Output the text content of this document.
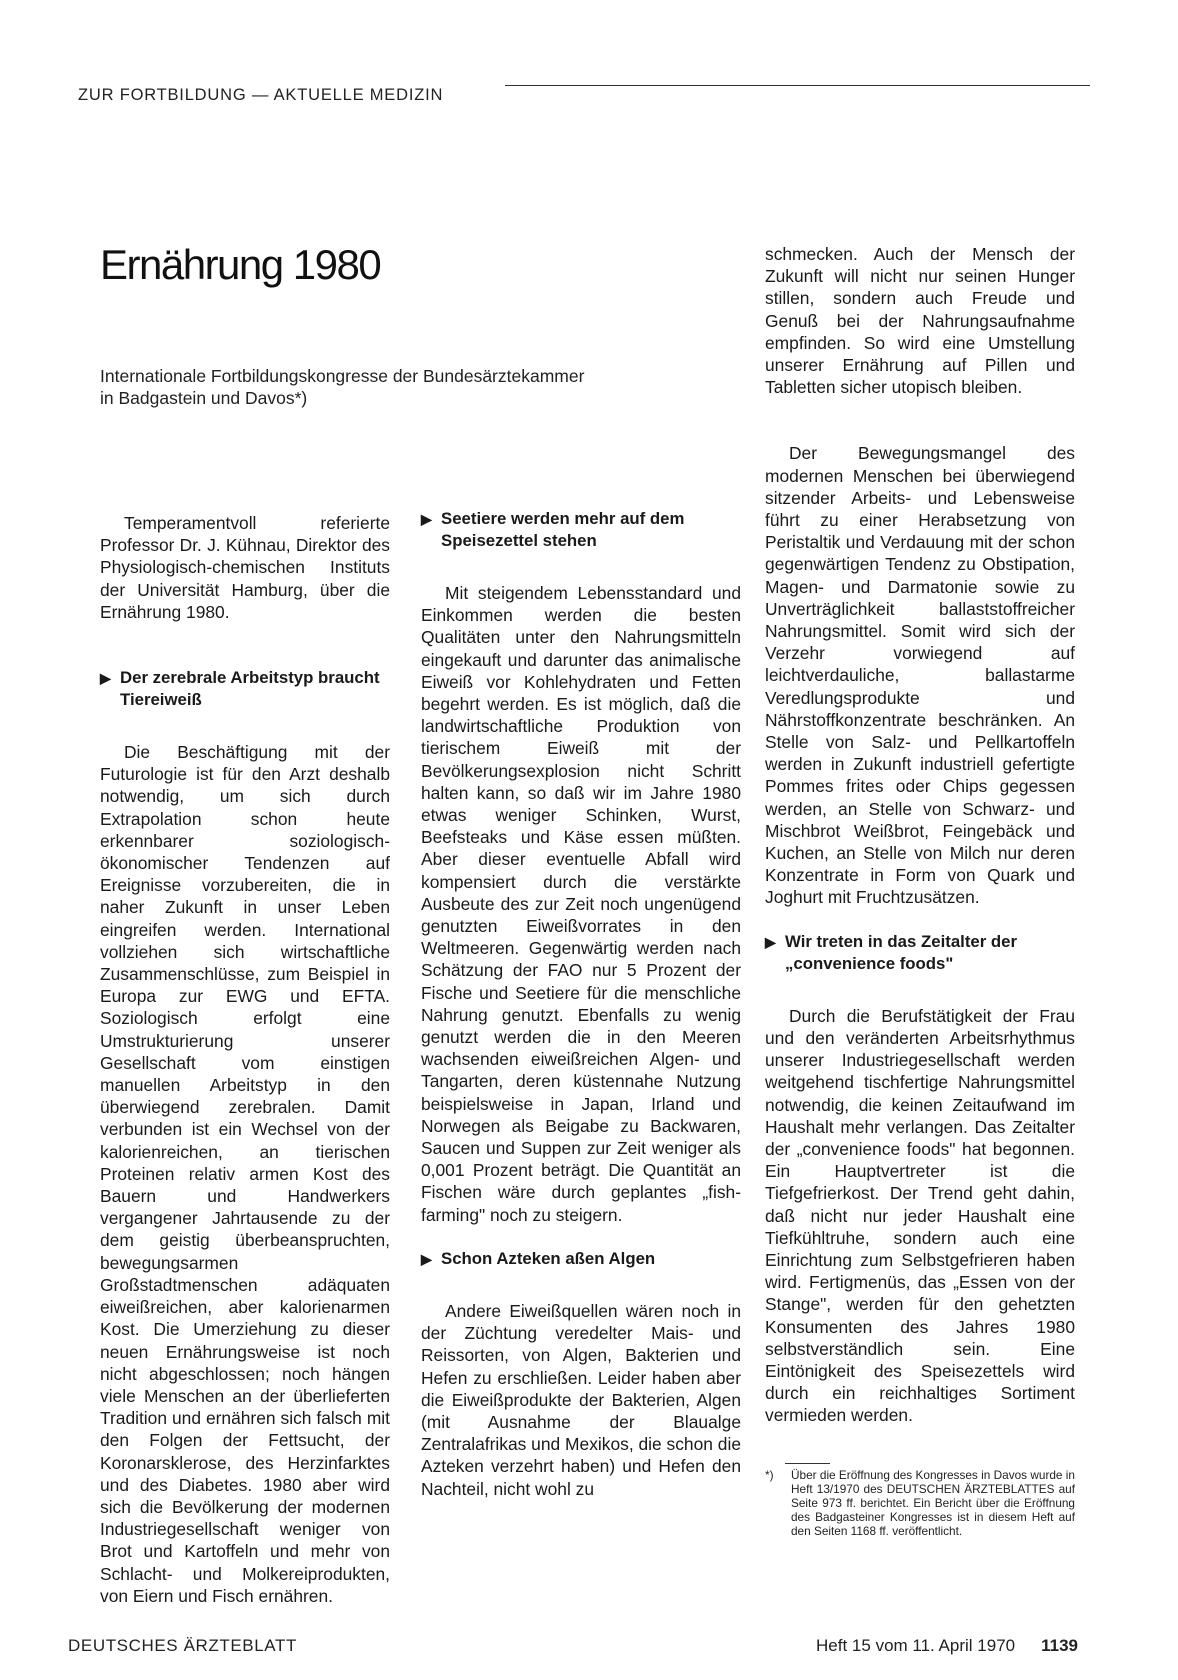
ZUR FORTBILDUNG — AKTUELLE MEDIZIN
Ernährung 1980
Internationale Fortbildungskongresse der Bundesärztekammer
in Badgastein und Davos*)

Temperamentvoll referierte Professor Dr. J. Kühnau, Direktor des Physiologisch-chemischen Instituts der Universität Hamburg, über die Ernährung 1980.

▶ Der zerebrale Arbeitstyp braucht Tiereiweiß

Die Beschäftigung mit der Futurologie ist für den Arzt deshalb notwendig, um sich durch Extrapolation schon heute erkennbarer soziologisch-ökonomischer Tendenzen auf Ereignisse vorzubereiten, die in naher Zukunft in unser Leben eingreifen werden. International vollziehen sich wirtschaftliche Zusammenschlüsse, zum Beispiel in Europa zur EWG und EFTA. Soziologisch erfolgt eine Umstrukturierung unserer Gesellschaft vom einstigen manuellen Arbeitstyp in den überwiegend zerebralen. Damit verbunden ist ein Wechsel von der kalorienreichen, an tierischen Proteinen relativ armen Kost des Bauern und Handwerkers vergangener Jahrtausende zu der dem geistig überbeanspruchten, bewegungsarmen Großstadtmenschen adäquaten eiweißreichen, aber kalorienarmen Kost. Die Umerziehung zu dieser neuen Ernährungsweise ist noch nicht abgeschlossen; noch hängen viele Menschen an der überlieferten Tradition und ernähren sich falsch mit den Folgen der Fettsucht, der Koronarsklerose, des Herzinfarktes und des Diabetes. 1980 aber wird sich die Bevölkerung der modernen Industriegesellschaft weniger von Brot und Kartoffeln und mehr von Schlacht- und Molkereiprodukten, von Eiern und Fisch ernähren.

▶ Seetiere werden mehr auf dem Speisezettel stehen

Mit steigendem Lebensstandard und Einkommen werden die besten Qualitäten unter den Nahrungsmitteln eingekauft und darunter das animalische Eiweiß vor Kohlehydraten und Fetten begehrt werden. Es ist möglich, daß die landwirtschaftliche Produktion von tierischem Eiweiß mit der Bevölkerungsexplosion nicht Schritt halten kann, so daß wir im Jahre 1980 etwas weniger Schinken, Wurst, Beefsteaks und Käse essen müßten. Aber dieser eventuelle Abfall wird kompensiert durch die verstärkte Ausbeute des zur Zeit noch ungenügend genutzten Eiweißvorrates in den Weltmeeren. Gegenwärtig werden nach Schätzung der FAO nur 5 Prozent der Fische und Seetiere für die menschliche Nahrung genutzt. Ebenfalls zu wenig genutzt werden die in den Meeren wachsenden eiweißreichen Algen- und Tangarten, deren küstennahe Nutzung beispielsweise in Japan, Irland und Norwegen als Beigabe zu Backwaren, Saucen und Suppen zur Zeit weniger als 0,001 Prozent beträgt. Die Quantität an Fischen wäre durch geplantes „fish-farming" noch zu steigern.

▶ Schon Azteken aßen Algen

Andere Eiweißquellen wären noch in der Züchtung veredelter Mais- und Reissorten, von Algen, Bakterien und Hefen zu erschließen. Leider haben aber die Eiweißprodukte der Bakterien, Algen (mit Ausnahme der Blaualge Zentralafrikas und Mexikos, die schon die Azteken verzehrt haben) und Hefen den Nachteil, nicht wohl zu

schmecken. Auch der Mensch der Zukunft will nicht nur seinen Hunger stillen, sondern auch Freude und Genuß bei der Nahrungsaufnahme empfinden. So wird eine Umstellung unserer Ernährung auf Pillen und Tabletten sicher utopisch bleiben.

Der Bewegungsmangel des modernen Menschen bei überwiegend sitzender Arbeits- und Lebensweise führt zu einer Herabsetzung von Peristaltik und Verdauung mit der schon gegenwärtigen Tendenz zu Obstipation, Magen- und Darmatonie sowie zu Unverträglichkeit ballaststoffreicher Nahrungsmittel. Somit wird sich der Verzehr vorwiegend auf leichtverdauliche, ballastarme Veredlungsprodukte und Nährstoffkonzentrate beschränken. An Stelle von Salz- und Pellkartoffeln werden in Zukunft industriell gefertigte Pommes frites oder Chips gegessen werden, an Stelle von Schwarz- und Mischbrot Weißbrot, Feingebäck und Kuchen, an Stelle von Milch nur deren Konzentrate in Form von Quark und Joghurt mit Fruchtzusätzen.

▶ Wir treten in das Zeitalter der „convenience foods"

Durch die Berufstätigkeit der Frau und den veränderten Arbeitsrhythmus unserer Industriegesellschaft werden weitgehend tischfertige Nahrungsmittel notwendig, die keinen Zeitaufwand im Haushalt mehr verlangen. Das Zeitalter der „convenience foods" hat begonnen. Ein Hauptvertreter ist die Tiefgefrierkost. Der Trend geht dahin, daß nicht nur jeder Haushalt eine Tiefkühltruhe, sondern auch eine Einrichtung zum Selbstgefrieren haben wird. Fertigmenüs, das „Essen von der Stange", werden für den gehetzten Konsumenten des Jahres 1980 selbstverständlich sein. Eine Eintönigkeit des Speisezettels wird durch ein reichhaltiges Sortiment vermieden werden.

*)	Über die Eröffnung des Kongresses in Davos wurde in Heft 13/1970 des DEUTSCHEN ÄRZTEBLATTES auf Seite 973 ff. berichtet. Ein Bericht über die Eröffnung des Badgasteiner Kongresses ist in diesem Heft auf den Seiten 1168 ff. veröffentlicht.
DEUTSCHES ÄRZTEBLATT	Heft 15 vom 11. April 1970 1139
